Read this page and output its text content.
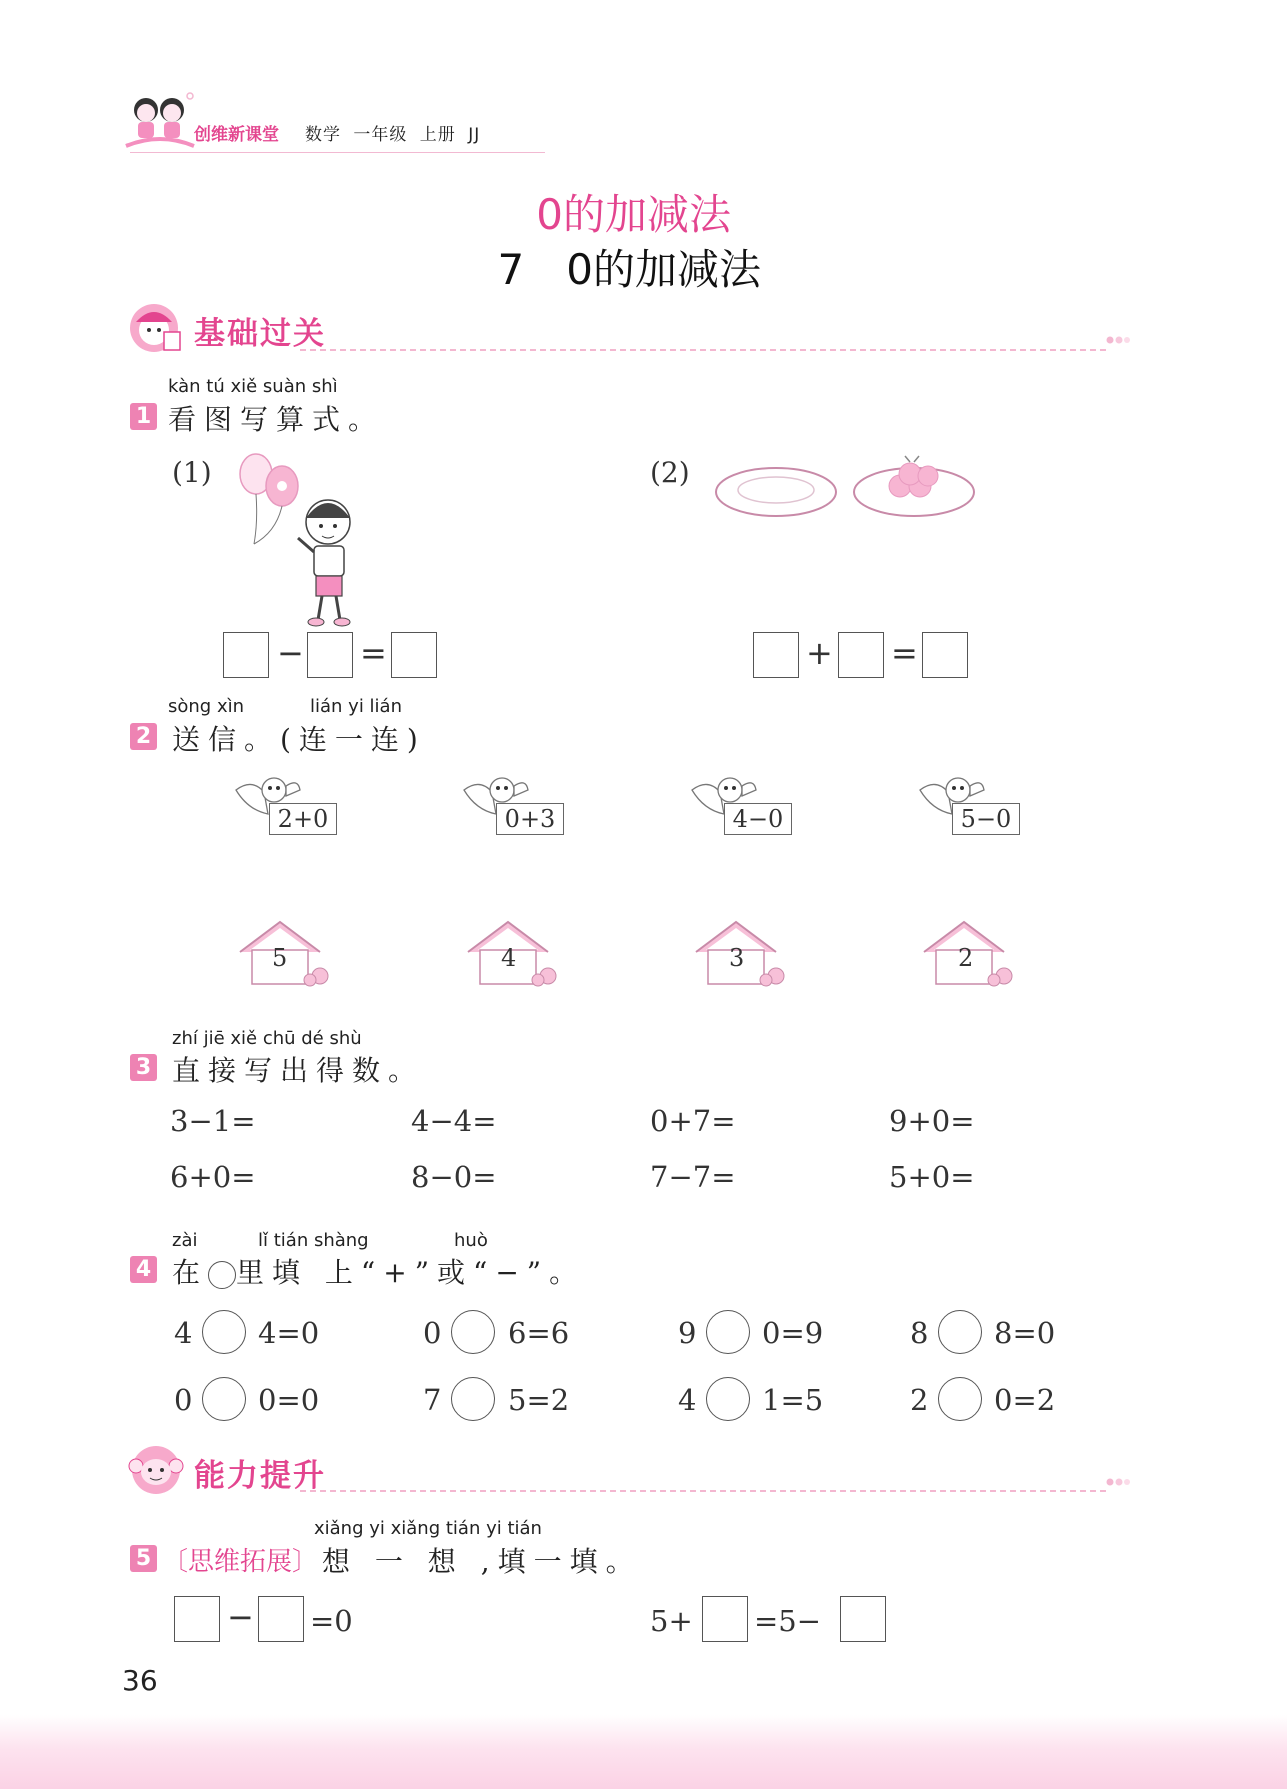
创维新课堂 数学 一年级 上册 JJ
0的加减法
7　0的加减法
基础过关
kàn tú xiě suàn shì
1 看图写算式。
(1)
− =
(2)
+ =
sòng xìn	lián yi lián
2 送信。(连一连)
2+0	0+3	4−0	5−0
5	4	3	2
zhí jiē xiě chū dé shù
3 直接写出得数。
3−1=	4−4=	0+7=	9+0=
6+0=	8−0=	7−7=	5+0=
zài	lǐ tián shàng	huò
4 在 里填 上“+”或“−”。
4 4=0	0 6=6	9 0=9	8 8=0
0 0=0	7 5=2	4 1=5	2 0=2
能力提升
xiǎng yi xiǎng tián yi tián
5 〔思维拓展〕 想 一 想 ,填一填。
− =0	5+ =5−
36
